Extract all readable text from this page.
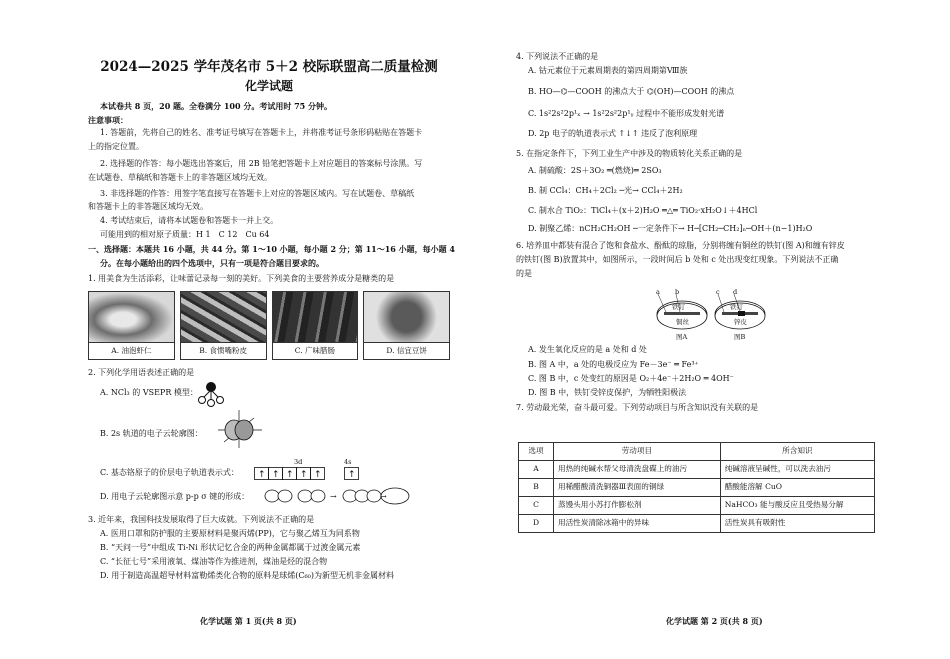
2024—2025 学年茂名市 5＋2 校际联盟高二质量检测
化学试题
本试卷共 8 页，20 题。全卷满分 100 分。考试用时 75 分钟。
注意事项：
1. 答题前，先将自己的姓名、准考证号填写在答题卡上，并将准考证号条形码粘贴在答题卡
上的指定位置。
2. 选择题的作答：每小题选出答案后，用 2B 铅笔把答题卡上对应题目的答案标号涂黑。写
在试题卷、草稿纸和答题卡上的非答题区域均无效。
3. 非选择题的作答：用签字笔直接写在答题卡上对应的答题区域内。写在试题卷、草稿纸
和答题卡上的非答题区域均无效。
4. 考试结束后，请将本试题卷和答题卡一并上交。
可能用到的相对原子质量：H 1　C 12　Cu 64
一、选择题：本题共 16 小题，共 44 分。第 1～10 小题，每小题 2 分；第 11～16 小题，每小题 4
分。在每小题给出的四个选项中，只有一项是符合题目要求的。
1. 用美食为生活添彩，让味蕾记录每一刻的美好。下列美食的主要营养成分是糖类的是
A. 油泡虾仁	B. 食惯嘴粉皮	C. 广味腊肠	D. 信宜豆饼
2. 下列化学用语表述正确的是
A. NCl₃ 的 VSEPR 模型：
B. 2s 轨道的电子云轮廓图：
C. 基态铬原子的价层电子轨道表示式：
3d	4s
↑ ↑ ↑ ↑ ↑	↑
D. 用电子云轮廓图示意 p-p σ 键的形成：	→	→
3. 近年来，我国科技发展取得了巨大成就。下列说法不正确的是
A. 医用口罩和防护服的主要原材料是聚丙烯(PP)，它与聚乙烯互为同系物
B. “天问一号”中组成 Ti-Ni 形状记忆合金的两种金属都属于过渡金属元素
C. “长征七号”采用液氧、煤油等作为推进剂，煤油是烃的混合物
D. 用于制造高温超导材料富勒烯类化合物的原料是球烯(C₆₀)为新型无机非金属材料
化学试题 第 1 页(共 8 页)
4. 下列说法不正确的是
A. 钴元素位于元素周期表的第四周期第Ⅷ族
B. HO—⌬—COOH 的沸点大于 ⌬(OH)—COOH 的沸点
C. 1s²2s²2p¹ₓ → 1s²2s²2p¹ᵧ 过程中不能形成发射光谱
D. 2p 电子的轨道表示式 ↑↓↑ 违反了泡利原理
5. 在指定条件下，下列工业生产中涉及的物质转化关系正确的是
A. 制硫酸：2S＋3O₂ ═(燃烧)═ 2SO₃
B. 制 CCl₄：CH₄＋2Cl₂ ─光→ CCl₄＋2H₂
C. 制水合 TiO₂：TiCl₄＋(x＋2)H₂O ═△═ TiO₂·xH₂O↓＋4HCl
D. 制聚乙烯：nCH₂CH₂OH ─一定条件下→ H─[CH₂─CH₂]ₙ─OH＋(n−1)H₂O
6. 培养皿中都装有混合了饱和食盐水、酚酞的琼脂，分别将缠有铜丝的铁钉(图 A)和缠有锌皮
的铁钉(图 B)放置其中，如图所示，一段时间后 b 处和 c 处出现变红现象。下列说法不正确
的是
a b	c d
铁钉
铜丝
铁钉
锌皮
图A	图B
A. 发生氧化反应的是 a 处和 d 处
B. 图 A 中，a 处的电极反应为 Fe－3e⁻ ═ Fe³⁺
C. 图 B 中，c 处变红的原因是 O₂＋4e⁻＋2H₂O ═ 4OH⁻
D. 图 B 中，铁钉受锌皮保护，为牺牲阳极法
7. 劳动最光荣，奋斗最可爱。下列劳动项目与所含知识没有关联的是
选项	劳动项目	所含知识
A	用热的纯碱水帮父母清洗盘碟上的油污	纯碱溶液呈碱性，可以洗去油污
B	用稀醋酸清洗铜器Ⅲ表面的铜绿	醋酸能溶解 CuO
C	蒸馒头用小苏打作膨松剂	NaHCO₃ 能与酸反应且受热易分解
D	用活性炭清除冰箱中的异味	活性炭具有吸附性
化学试题 第 2 页(共 8 页)
